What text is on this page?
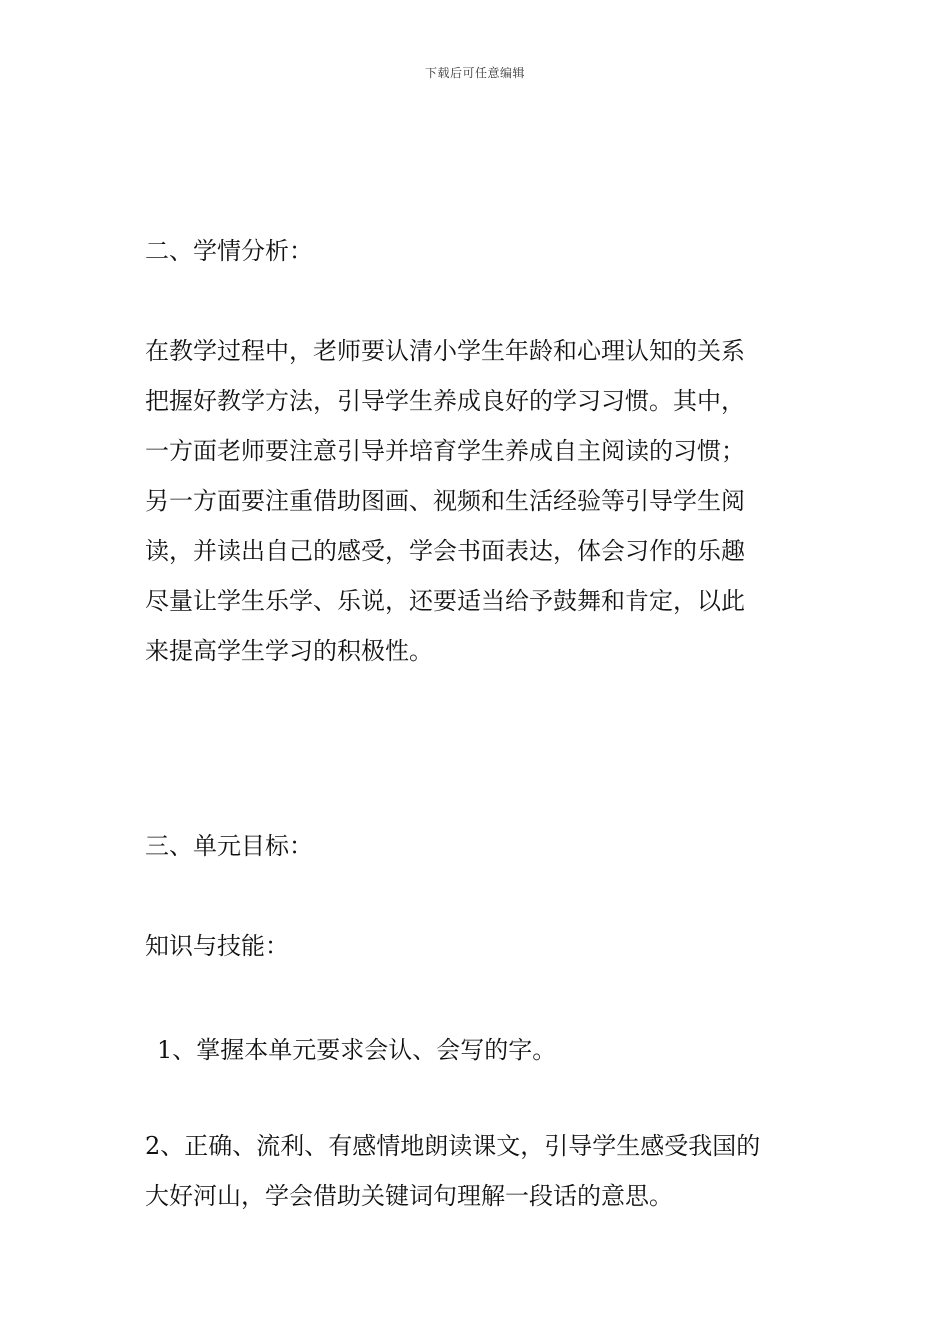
下载后可任意编辑

二、学情分析：

在教学过程中，老师要认清小学生年龄和心理认知的关系
把握好教学方法，引导学生养成良好的学习习惯。其中，
一方面老师要注意引导并培育学生养成自主阅读的习惯；
另一方面要注重借助图画、视频和生活经验等引导学生阅
读，并读出自己的感受，学会书面表达，体会习作的乐趣
尽量让学生乐学、乐说，还要适当给予鼓舞和肯定，以此
来提高学生学习的积极性。

三、单元目标：

知识与技能：

1、掌握本单元要求会认、会写的字。

2、正确、流利、有感情地朗读课文，引导学生感受我国的
大好河山，学会借助关键词句理解一段话的意思。
